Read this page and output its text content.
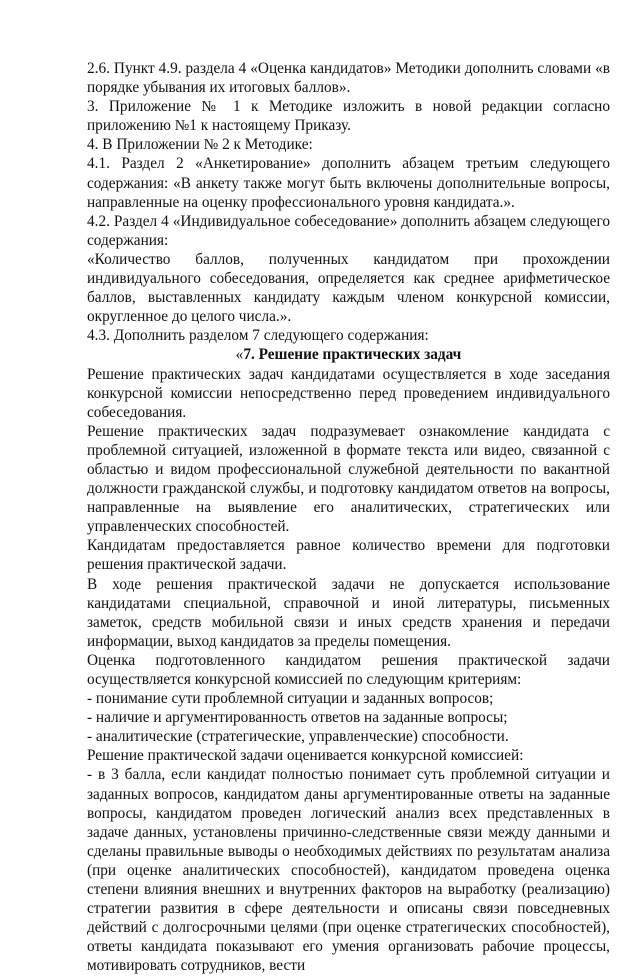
2.6. Пункт 4.9. раздела 4 «Оценка кандидатов» Методики дополнить словами «в порядке убывания их итоговых баллов».

3. Приложение № 1 к Методике изложить в новой редакции согласно приложению №1 к настоящему Приказу.

4. В Приложении № 2 к Методике:

4.1. Раздел 2 «Анкетирование» дополнить абзацем третьим следующего содержания: «В анкету также могут быть включены дополнительные вопросы, направленные на оценку профессионального уровня кандидата.».

4.2. Раздел 4 «Индивидуальное собеседование» дополнить абзацем следующего содержания:

«Количество баллов, полученных кандидатом при прохождении индивидуального собеседования, определяется как среднее арифметическое баллов, выставленных кандидату каждым членом конкурсной комиссии, округленное до целого числа.».

4.3. Дополнить разделом 7 следующего содержания:

«7. Решение практических задач

Решение практических задач кандидатами осуществляется в ходе заседания конкурсной комиссии непосредственно перед проведением индивидуального собеседования.

Решение практических задач подразумевает ознакомление кандидата с проблемной ситуацией, изложенной в формате текста или видео, связанной с областью и видом профессиональной служебной деятельности по вакантной должности гражданской службы, и подготовку кандидатом ответов на вопросы, направленные на выявление его аналитических, стратегических или управленческих способностей.

Кандидатам предоставляется равное количество времени для подготовки решения практической задачи.

В ходе решения практической задачи не допускается использование кандидатами специальной, справочной и иной литературы, письменных заметок, средств мобильной связи и иных средств хранения и передачи информации, выход кандидатов за пределы помещения.

Оценка подготовленного кандидатом решения практической задачи осуществляется конкурсной комиссией по следующим критериям:

- понимание сути проблемной ситуации и заданных вопросов;

- наличие и аргументированность ответов на заданные вопросы;

- аналитические (стратегические, управленческие) способности.

Решение практической задачи оценивается конкурсной комиссией:

- в 3 балла, если кандидат полностью понимает суть проблемной ситуации и заданных вопросов, кандидатом даны аргументированные ответы на заданные вопросы, кандидатом проведен логический анализ всех представленных в задаче данных, установлены причинно-следственные связи между данными и сделаны правильные выводы о необходимых действиях по результатам анализа (при оценке аналитических способностей), кандидатом проведена оценка степени влияния внешних и внутренних факторов на выработку (реализацию) стратегии развития в сфере деятельности и описаны связи повседневных действий с долгосрочными целями (при оценке стратегических способностей), ответы кандидата показывают его умения организовать рабочие процессы, мотивировать сотрудников, вести
